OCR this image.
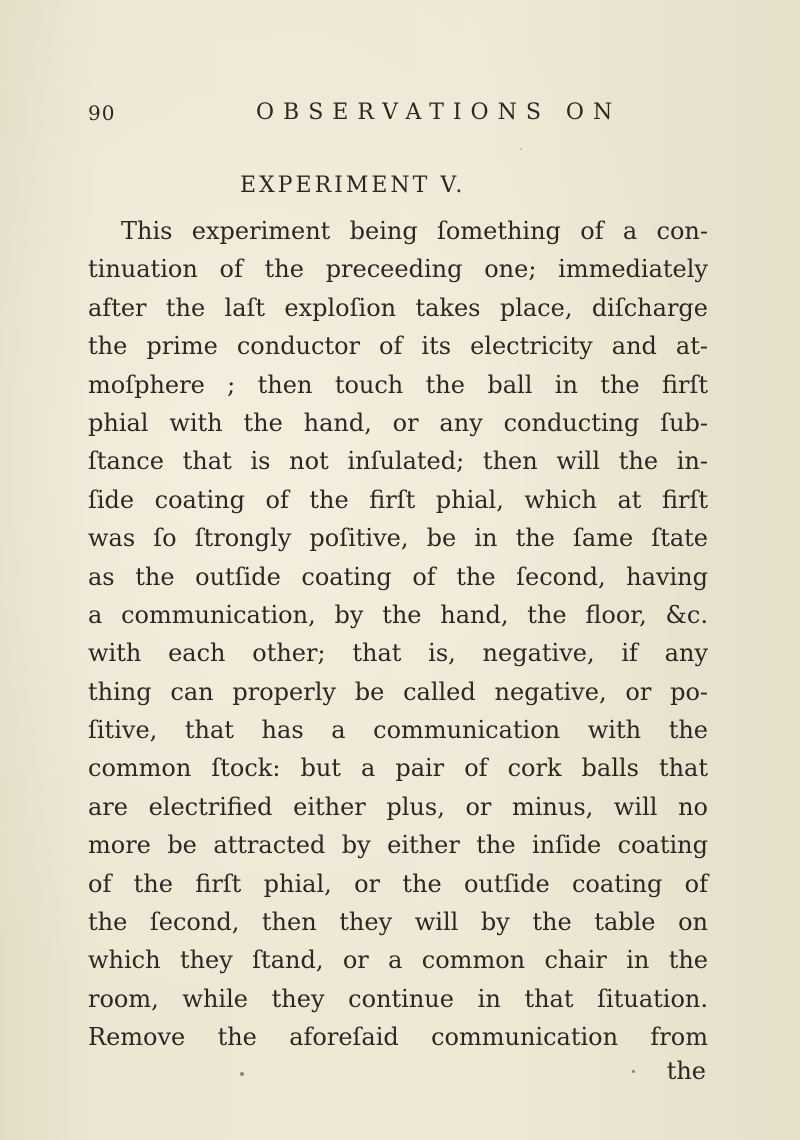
90	OBSERVATIONS ON
EXPERIMENT V.
This experiment being ſomething of a con-
tinuation of the preceeding one; immediately
after the laſt exploſion takes place, diſcharge
the prime conductor of its electricity and at-
moſphere ; then touch the ball in the firſt
phial with the hand, or any conducting ſub-
ſtance that is not inſulated; then will the in-
ſide coating of the firſt phial, which at firſt
was ſo ſtrongly poſitive, be in the ſame ſtate
as the outſide coating of the ſecond, having
a communication, by the hand, the floor, &c.
with each other; that is, negative, if any
thing can properly be called negative, or po-
ſitive, that has a communication with the
common ſtock: but a pair of cork balls that
are electrified either plus, or minus, will no
more be attracted by either the inſide coating
of the firſt phial, or the outſide coating of
the ſecond, then they will by the table on
which they ſtand, or a common chair in the
room, while they continue in that ſituation.
Remove the aforeſaid communication from
the
